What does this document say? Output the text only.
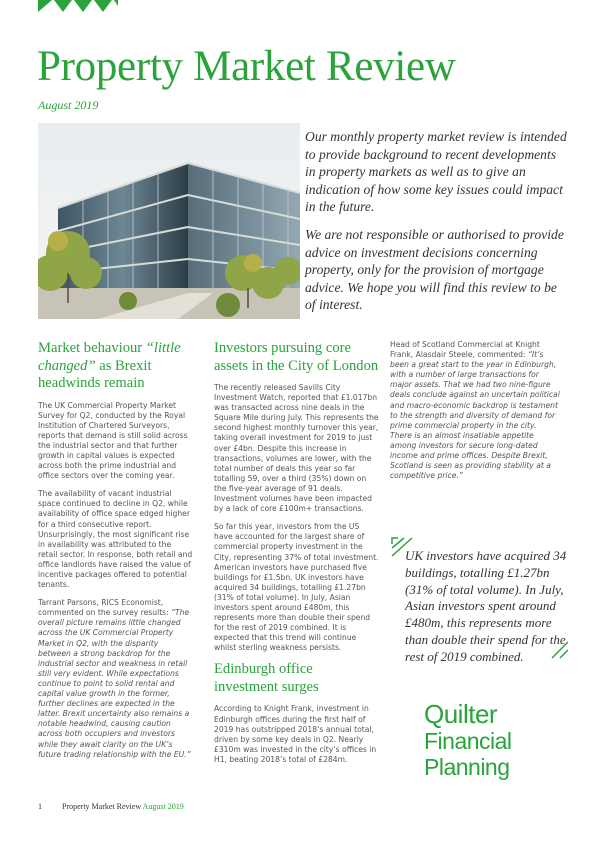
Property Market Review
August 2019

Our monthly property market review is intended to provide background to recent developments in property markets as well as to give an indication of how some key issues could impact in the future.

We are not responsible or authorised to provide advice on investment decisions concerning property, only for the provision of mortgage advice. We hope you will find this review to be of interest.

Market behaviour “little changed” as Brexit headwinds remain

The UK Commercial Property Market Survey for Q2, conducted by the Royal Institution of Chartered Surveyors, reports that demand is still solid across the industrial sector and that further growth in capital values is expected across both the prime industrial and office sectors over the coming year.

The availability of vacant industrial space continued to decline in Q2, while availability of office space edged higher for a third consecutive report. Unsurprisingly, the most significant rise in availability was attributed to the retail sector. In response, both retail and office landlords have raised the value of incentive packages offered to potential tenants.

Tarrant Parsons, RICS Economist, commented on the survey results: “The overall picture remains little changed across the UK Commercial Property Market in Q2, with the disparity between a strong backdrop for the industrial sector and weakness in retail still very evident. While expectations continue to point to solid rental and capital value growth in the former, further declines are expected in the latter. Brexit uncertainty also remains a notable headwind, causing caution across both occupiers and investors while they await clarity on the UK’s future trading relationship with the EU.”

Investors pursuing core assets in the City of London

The recently released Savills City Investment Watch, reported that £1.017bn was transacted across nine deals in the Square Mile during July. This represents the second highest monthly turnover this year, taking overall investment for 2019 to just over £4bn. Despite this increase in transactions, volumes are lower, with the total number of deals this year so far totalling 59, over a third (35%) down on the five-year average of 91 deals. Investment volumes have been impacted by a lack of core £100m+ transactions.

So far this year, investors from the US have accounted for the largest share of commercial property investment in the City, representing 37% of total investment. American investors have purchased five buildings for £1.5bn. UK investors have acquired 34 buildings, totalling £1.27bn (31% of total volume). In July, Asian investors spent around £480m, this represents more than double their spend for the rest of 2019 combined. It is expected that this trend will continue whilst sterling weakness persists.

Edinburgh office investment surges

According to Knight Frank, investment in Edinburgh offices during the first half of 2019 has outstripped 2018’s annual total, driven by some key deals in Q2. Nearly £310m was invested in the city’s offices in H1, beating 2018’s total of £284m.

Head of Scotland Commercial at Knight Frank, Alasdair Steele, commented: “It’s been a great start to the year in Edinburgh, with a number of large transactions for major assets. That we had two nine-figure deals conclude against an uncertain political and macro-economic backdrop is testament to the strength and diversity of demand for prime commercial property in the city. There is an almost insatiable appetite among investors for secure long-dated income and prime offices. Despite Brexit, Scotland is seen as providing stability at a competitive price.”

UK investors have acquired 34 buildings, totalling £1.27bn (31% of total volume). In July, Asian investors spent around £480m, this represents more than double their spend for the rest of 2019 combined.
Quilter
Financial
Planning
1	Property Market Review August 2019
